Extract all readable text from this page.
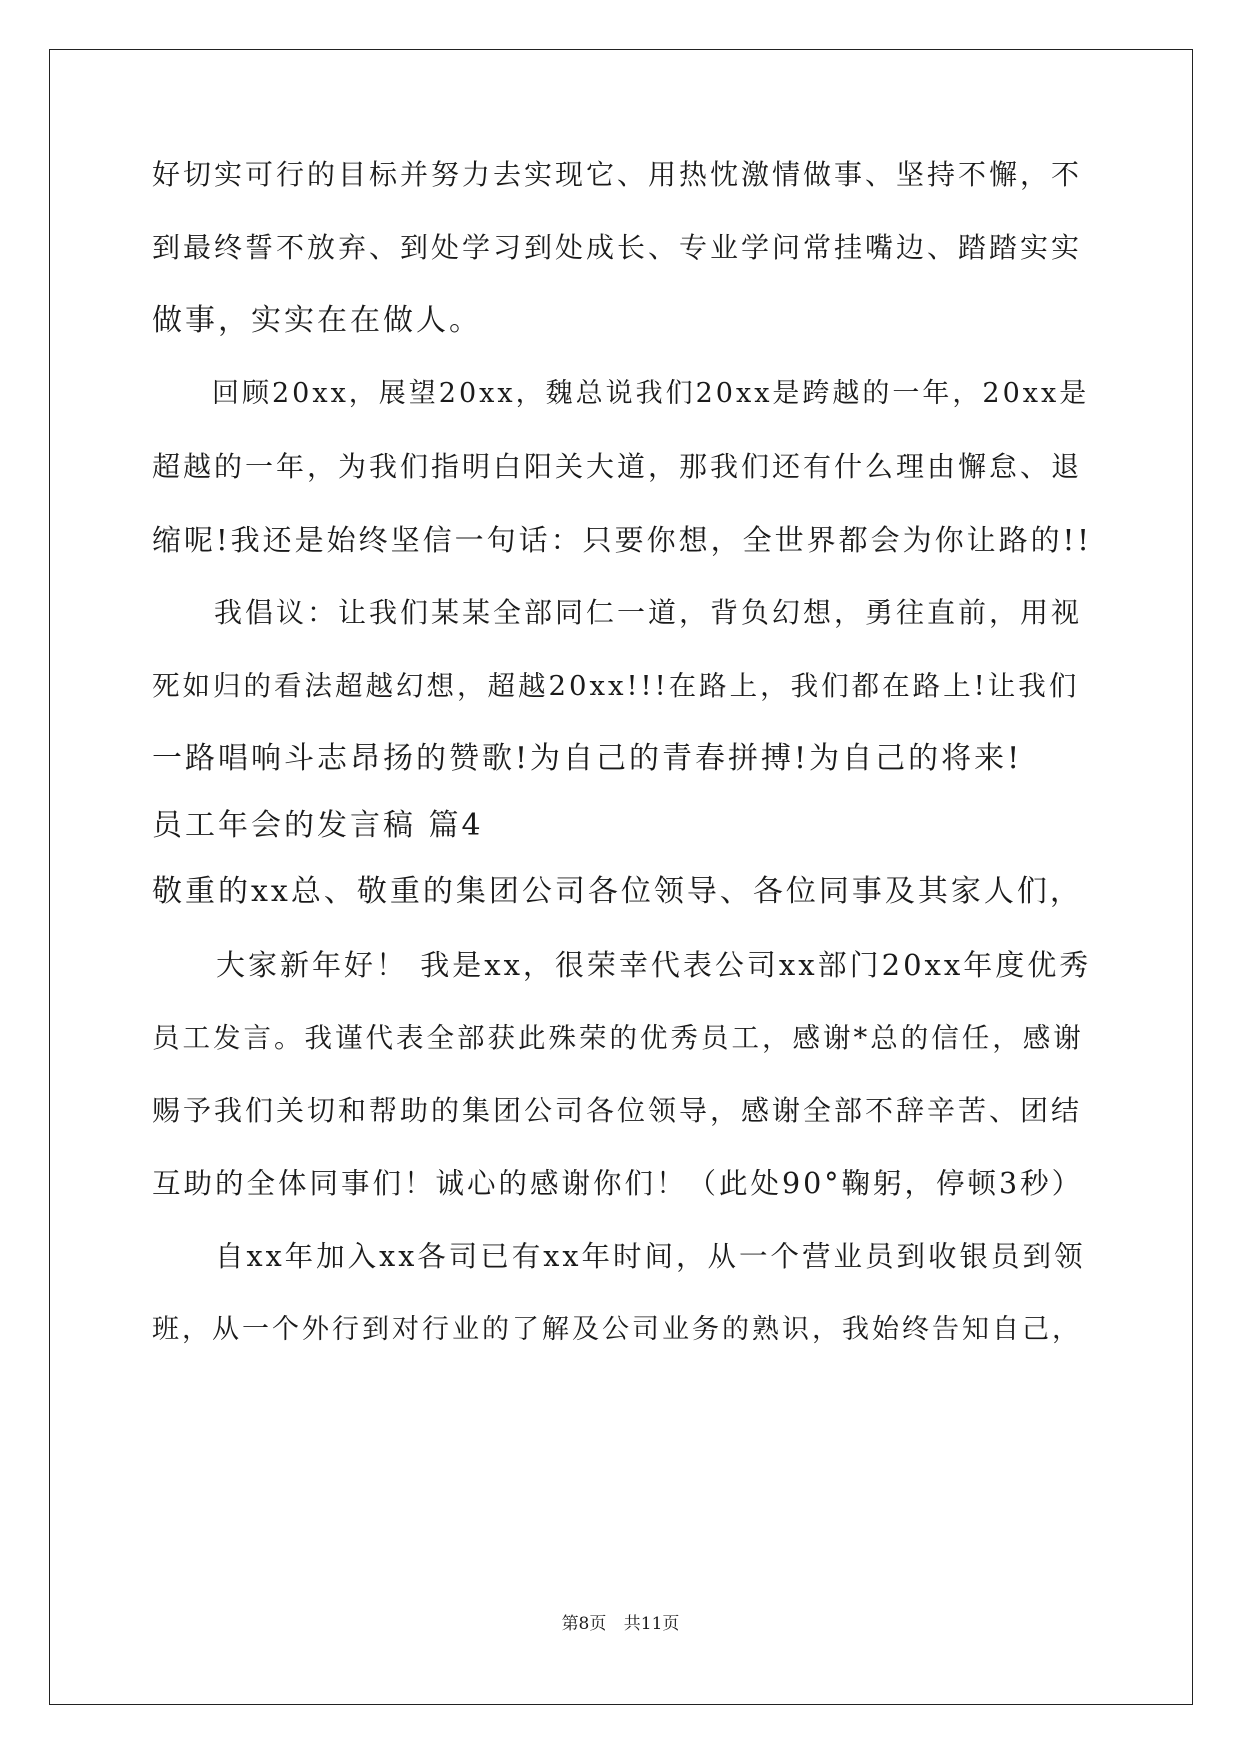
好切实可行的目标并努力去实现它、用热忱激情做事、坚持不懈，不
到最终誓不放弃、到处学习到处成长、专业学问常挂嘴边、踏踏实实
做事，实实在在做人。
　　回顾20xx，展望20xx，魏总说我们20xx是跨越的一年，20xx是
超越的一年，为我们指明白阳关大道，那我们还有什么理由懈怠、退
缩呢!我还是始终坚信一句话：只要你想，全世界都会为你让路的!!
　　我倡议：让我们某某全部同仁一道，背负幻想，勇往直前，用视
死如归的看法超越幻想，超越20xx!!!在路上，我们都在路上!让我们
一路唱响斗志昂扬的赞歌!为自己的青春拼搏!为自己的将来!
员工年会的发言稿 篇4
敬重的xx总、敬重的集团公司各位领导、各位同事及其家人们，
　　大家新年好！ 我是xx，很荣幸代表公司xx部门20xx年度优秀
员工发言。我谨代表全部获此殊荣的优秀员工，感谢*总的信任，感谢
赐予我们关切和帮助的集团公司各位领导，感谢全部不辞辛苦、团结
互助的全体同事们！诚心的感谢你们！（此处90°鞠躬，停顿3秒）
　　自xx年加入xx各司已有xx年时间，从一个营业员到收银员到领
班，从一个外行到对行业的了解及公司业务的熟识，我始终告知自己，
第8页 共11页
